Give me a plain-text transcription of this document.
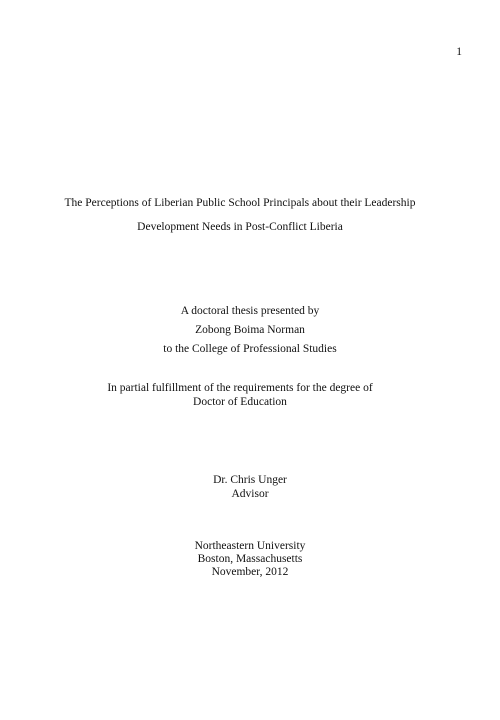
1
The Perceptions of Liberian Public School Principals about their Leadership
Development Needs in Post-Conflict Liberia
A doctoral thesis presented by
Zobong Boima Norman
to the College of Professional Studies
In partial fulfillment of the requirements for the degree of
Doctor of Education
Dr. Chris Unger
Advisor
Northeastern University
Boston, Massachusetts
November, 2012
